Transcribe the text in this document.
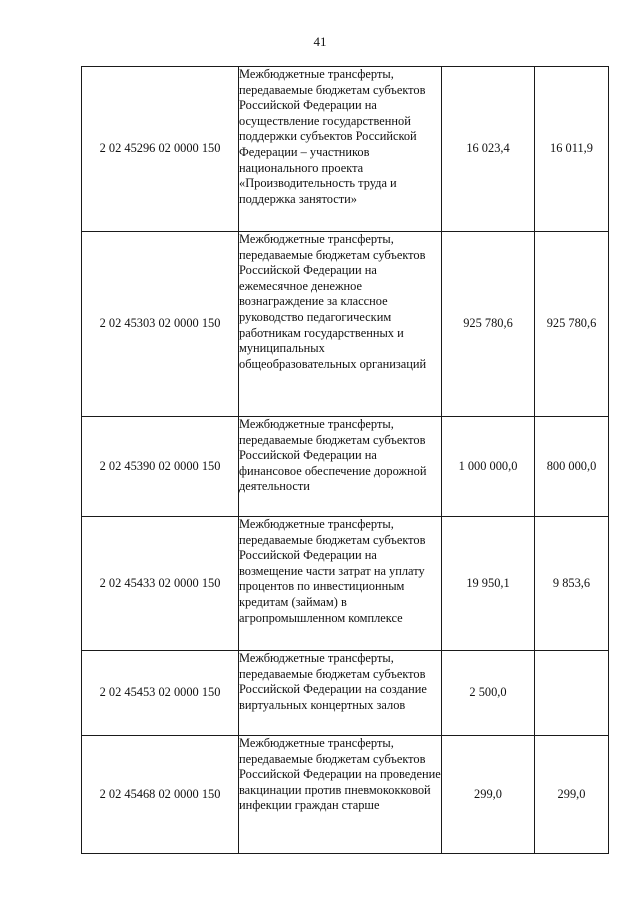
41
2 02 45296 02 0000 150	Межбюджетные трансферты, передаваемые бюджетам субъектов Российской Федерации на осуществление государственной поддержки субъектов Российской Федерации – участников национального проекта «Производительность труда и поддержка занятости»	16 023,4	16 011,9
2 02 45303 02 0000 150	Межбюджетные трансферты, передаваемые бюджетам субъектов Российской Федерации на ежемесячное денежное вознаграждение за классное руководство педагогическим работникам государственных и муниципальных общеобразовательных организаций	925 780,6	925 780,6
2 02 45390 02 0000 150	Межбюджетные трансферты, передаваемые бюджетам субъектов Российской Федерации на финансовое обеспечение дорожной деятельности	1 000 000,0	800 000,0
2 02 45433 02 0000 150	Межбюджетные трансферты, передаваемые бюджетам субъектов Российской Федерации на возмещение части затрат на уплату процентов по инвестиционным кредитам (займам) в агропромышленном комплексе	19 950,1	9 853,6
2 02 45453 02 0000 150	Межбюджетные трансферты, передаваемые бюджетам субъектов Российской Федерации на создание виртуальных концертных залов	2 500,0	
2 02 45468 02 0000 150	Межбюджетные трансферты, передаваемые бюджетам субъектов Российской Федерации на проведение вакцинации против пневмококковой инфекции граждан старше	299,0	299,0
